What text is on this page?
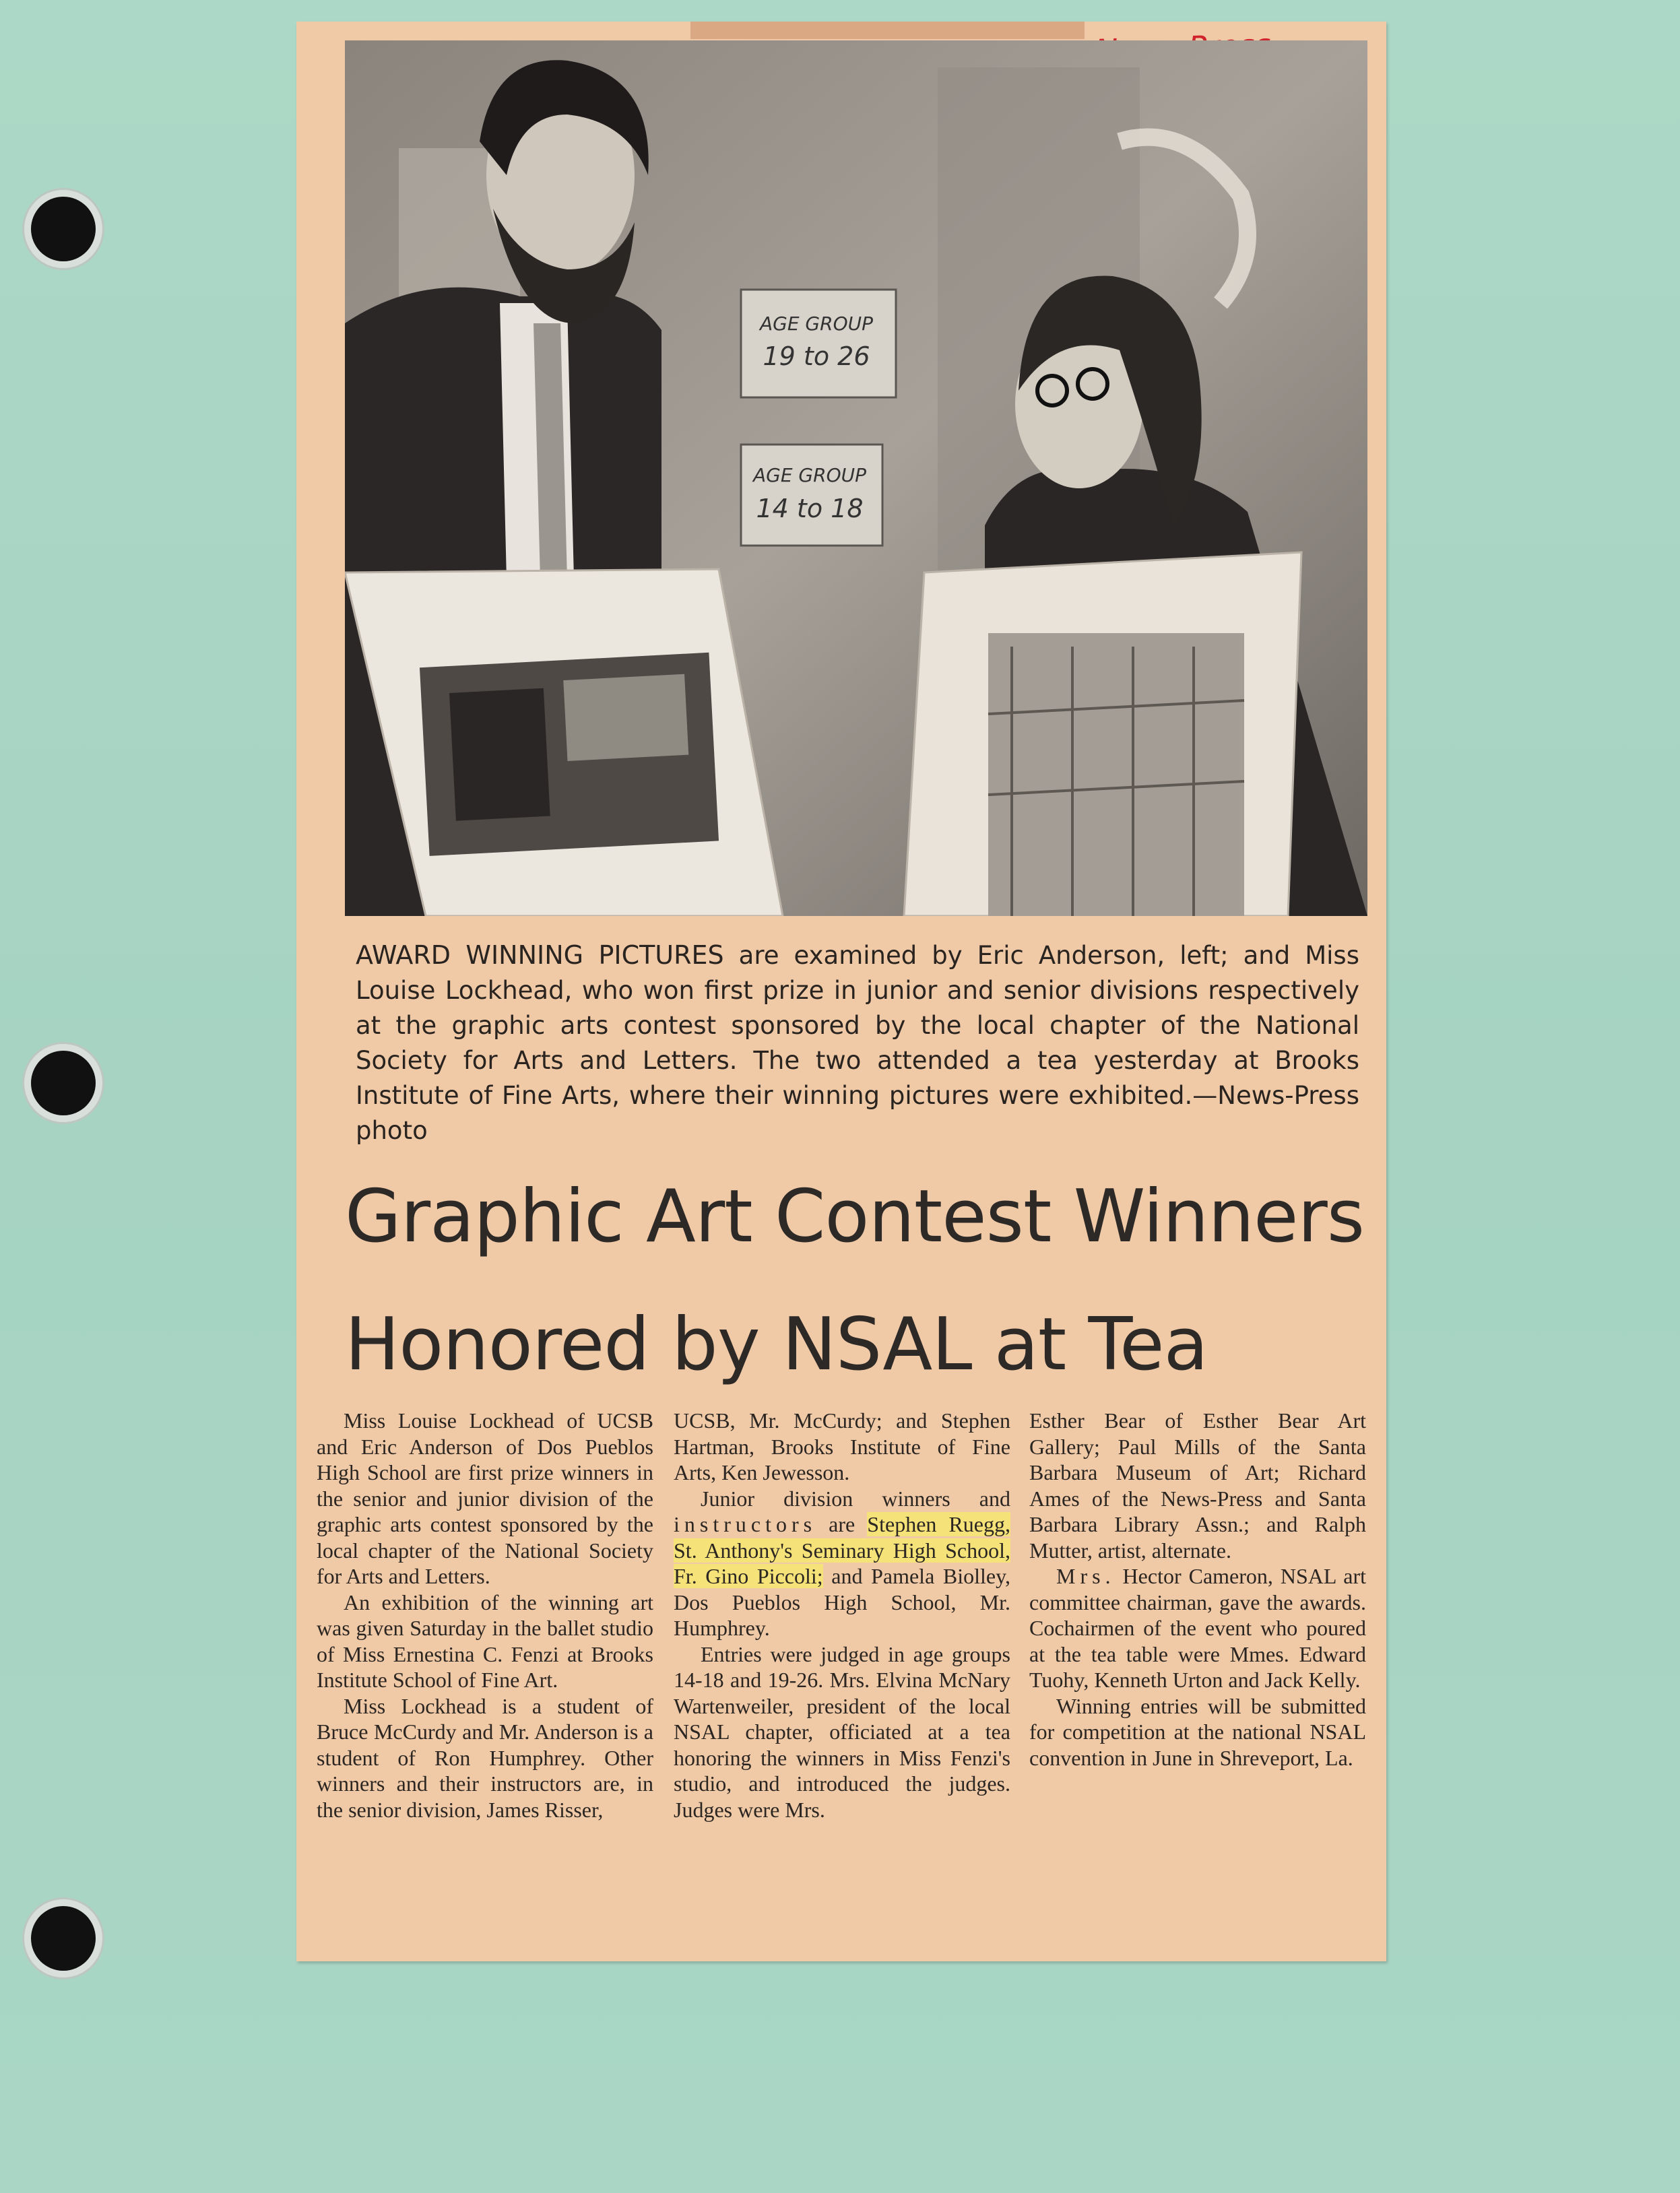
AGE GROUP
19 to 26
AGE GROUP
14 to 18

AWARD WINNING PICTURES are examined by Eric Anderson, left; and Miss Louise Lockhead, who won first prize in junior and senior divisions respectively at the graphic arts contest sponsored by the local chapter of the National Society for Arts and Letters. The two attended a tea yesterday at Brooks Institute of Fine Arts, where their winning pictures were exhibited.—News-Press photo

Graphic Art Contest Winners
Honored by NSAL at Tea

Miss Louise Lockhead of UCSB and Eric Anderson of Dos Pueblos High School are first prize winners in the senior and junior division of the graphic arts contest sponsored by the local chapter of the National Society for Arts and Letters.

An exhibition of the winning art was given Saturday in the ballet studio of Miss Ernestina C. Fenzi at Brooks Institute School of Fine Art.

Miss Lockhead is a student of Bruce McCurdy and Mr. Anderson is a student of Ron Humphrey. Other winners and their instructors are, in the senior division, James Risser,

UCSB, Mr. McCurdy; and Stephen Hartman, Brooks Institute of Fine Arts, Ken Jewesson.

Junior division winners and instructors are Stephen Ruegg, St. Anthony's Seminary High School, Fr. Gino Piccoli; and Pamela Biolley, Dos Pueblos High School, Mr. Humphrey.

Entries were judged in age groups 14-18 and 19-26. Mrs. Elvina McNary Wartenweiler, president of the local NSAL chapter, officiated at a tea honoring the winners in Miss Fenzi's studio, and introduced the judges. Judges were Mrs.

Esther Bear of Esther Bear Art Gallery; Paul Mills of the Santa Barbara Museum of Art; Richard Ames of the News-Press and Santa Barbara Library Assn.; and Ralph Mutter, artist, alternate.

Mrs. Hector Cameron, NSAL art committee chairman, gave the awards. Cochairmen of the event who poured at the tea table were Mmes. Edward Tuohy, Kenneth Urton and Jack Kelly.

Winning entries will be submitted for competition at the national NSAL convention in June in Shreveport, La.
